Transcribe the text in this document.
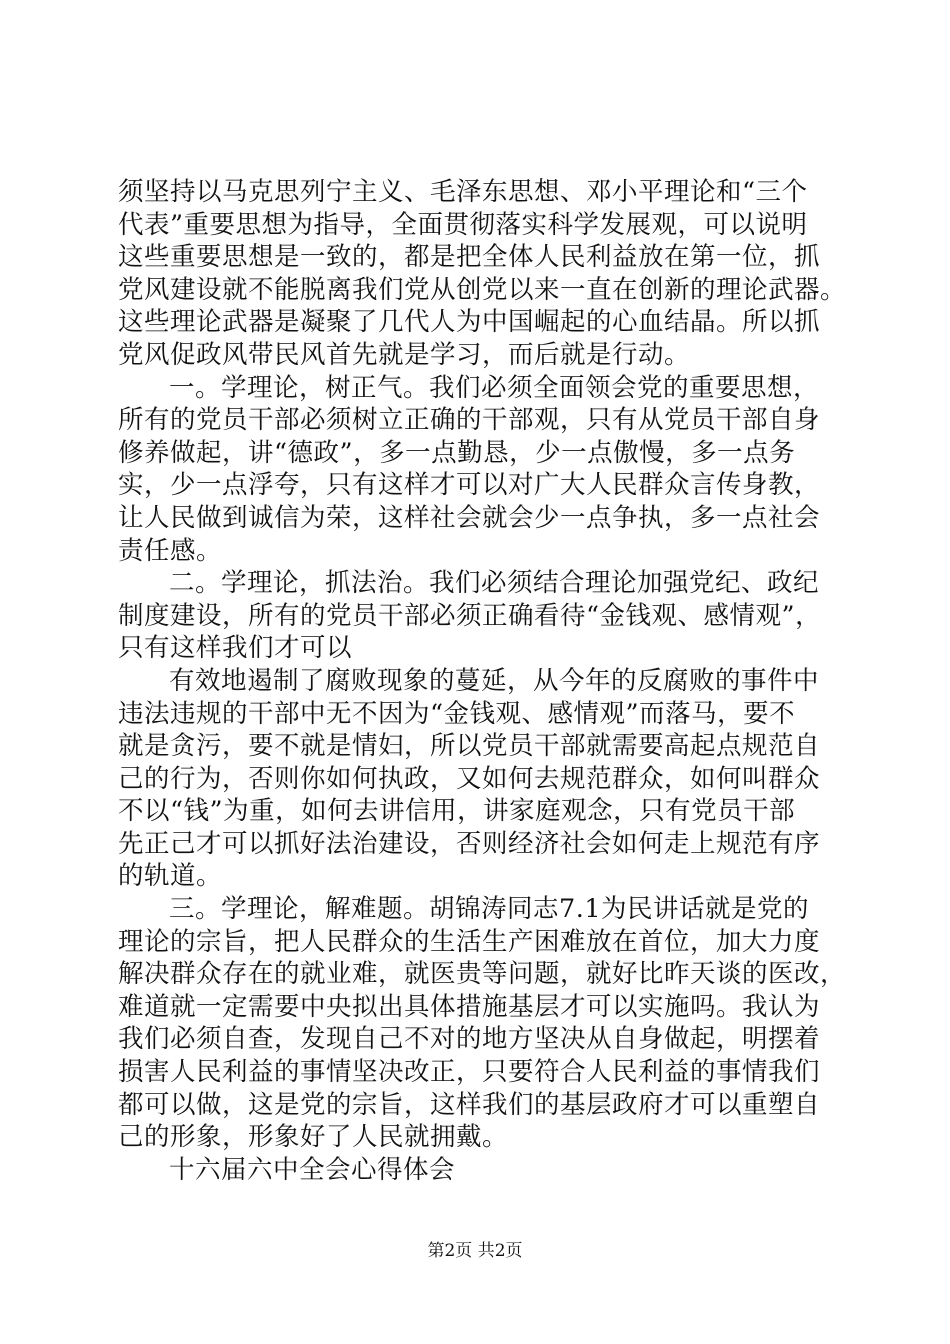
须坚持以马克思列宁主义、毛泽东思想、邓小平理论和“三个
代表”重要思想为指导，全面贯彻落实科学发展观，可以说明
这些重要思想是一致的，都是把全体人民利益放在第一位，抓
党风建设就不能脱离我们党从创党以来一直在创新的理论武器。
这些理论武器是凝聚了几代人为中国崛起的心血结晶。所以抓
党风促政风带民风首先就是学习，而后就是行动。
一。学理论，树正气。我们必须全面领会党的重要思想，
所有的党员干部必须树立正确的干部观，只有从党员干部自身
修养做起，讲“德政”，多一点勤恳，少一点傲慢，多一点务
实，少一点浮夸，只有这样才可以对广大人民群众言传身教，
让人民做到诚信为荣，这样社会就会少一点争执，多一点社会
责任感。
二。学理论，抓法治。我们必须结合理论加强党纪、政纪
制度建设，所有的党员干部必须正确看待“金钱观、感情观”，
只有这样我们才可以
有效地遏制了腐败现象的蔓延，从今年的反腐败的事件中
违法违规的干部中无不因为“金钱观、感情观”而落马，要不
就是贪污，要不就是情妇，所以党员干部就需要高起点规范自
己的行为，否则你如何执政，又如何去规范群众，如何叫群众
不以“钱”为重，如何去讲信用，讲家庭观念，只有党员干部
先正己才可以抓好法治建设，否则经济社会如何走上规范有序
的轨道。
三。学理论，解难题。胡锦涛同志7.1为民讲话就是党的
理论的宗旨，把人民群众的生活生产困难放在首位，加大力度
解决群众存在的就业难，就医贵等问题，就好比昨天谈的医改，
难道就一定需要中央拟出具体措施基层才可以实施吗。我认为
我们必须自查，发现自己不对的地方坚决从自身做起，明摆着
损害人民利益的事情坚决改正，只要符合人民利益的事情我们
都可以做，这是党的宗旨，这样我们的基层政府才可以重塑自
己的形象，形象好了人民就拥戴。
十六届六中全会心得体会
第2页 共2页
